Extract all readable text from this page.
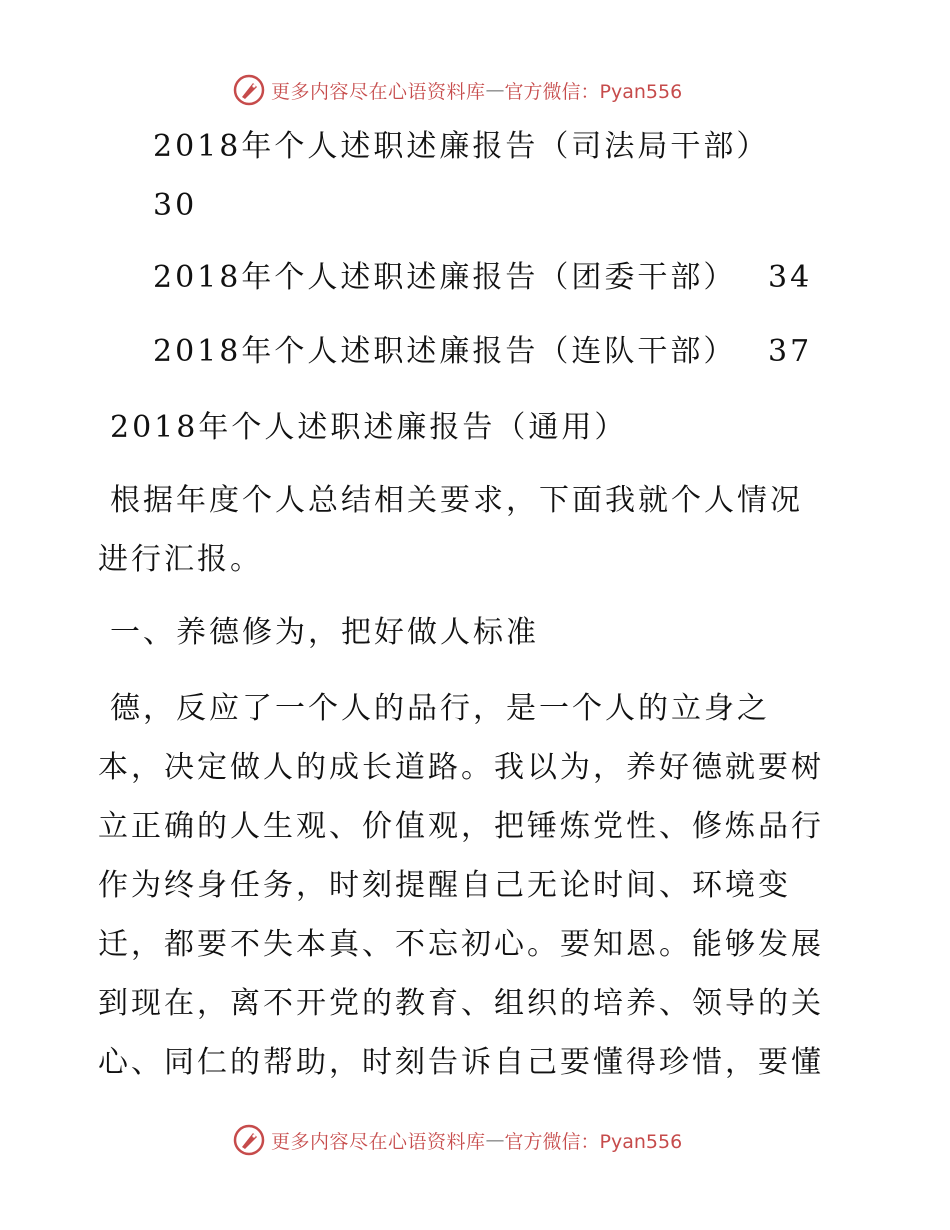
更多内容尽在心语资料库 — 官方微信：Pyan556
2018年个人述职述廉报告（司法局干部）
30
2018年个人述职述廉报告（团委干部） 34
2018年个人述职述廉报告（连队干部） 37
2018年个人述职述廉报告（通用）
根据年度个人总结相关要求，下面我就个人情况
进行汇报。
一、养德修为，把好做人标准
德，反应了一个人的品行，是一个人的立身之
本，决定做人的成长道路。我以为，养好德就要树
立正确的人生观、价值观，把锤炼党性、修炼品行
作为终身任务，时刻提醒自己无论时间、环境变
迁，都要不失本真、不忘初心。要知恩。能够发展
到现在，离不开党的教育、组织的培养、领导的关
心、同仁的帮助，时刻告诉自己要懂得珍惜，要懂
更多内容尽在心语资料库 — 官方微信：Pyan556
